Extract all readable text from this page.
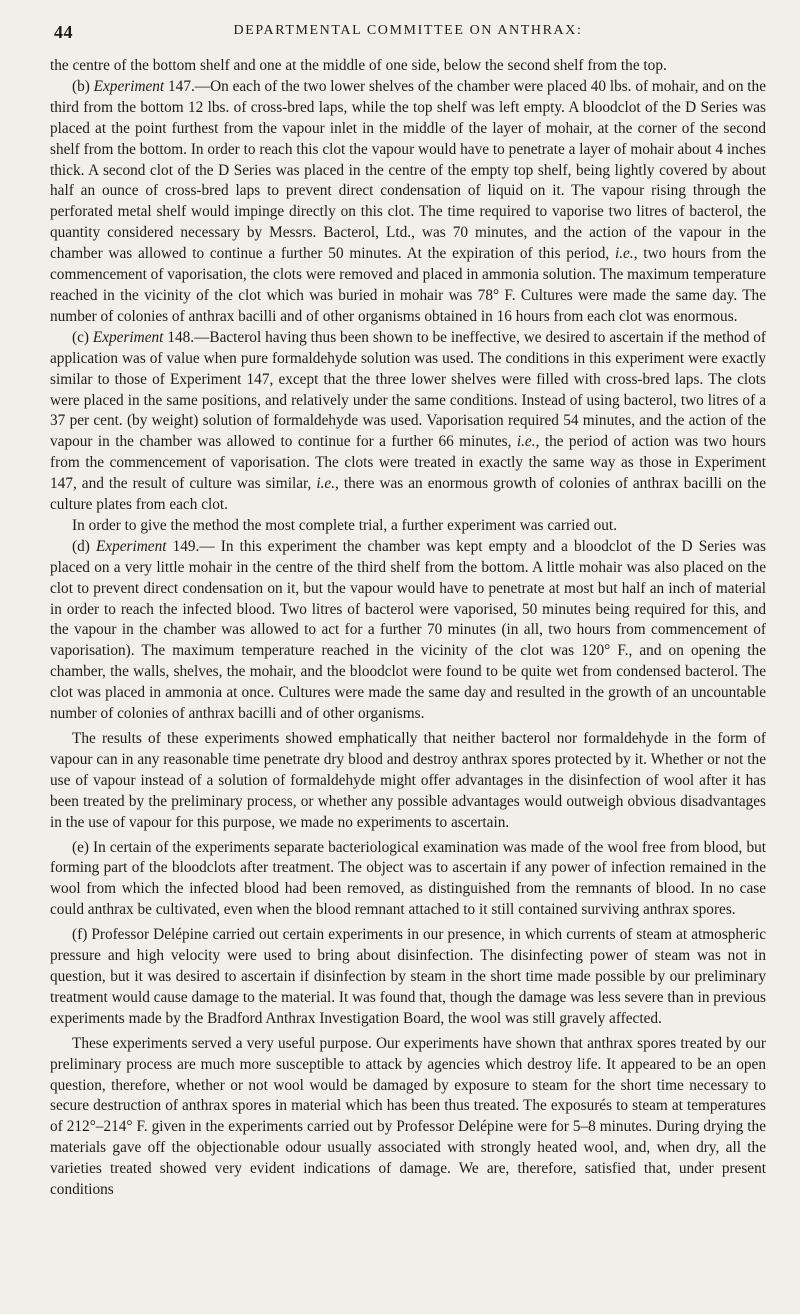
44	DEPARTMENTAL COMMITTEE ON ANTHRAX:

the centre of the bottom shelf and one at the middle of one side, below the second shelf from the top.

(b) Experiment 147.—On each of the two lower shelves of the chamber were placed 40 lbs. of mohair, and on the third from the bottom 12 lbs. of cross-bred laps, while the top shelf was left empty. A bloodclot of the D Series was placed at the point furthest from the vapour inlet in the middle of the layer of mohair, at the corner of the second shelf from the bottom. In order to reach this clot the vapour would have to penetrate a layer of mohair about 4 inches thick. A second clot of the D Series was placed in the centre of the empty top shelf, being lightly covered by about half an ounce of cross-bred laps to prevent direct condensation of liquid on it. The vapour rising through the perforated metal shelf would impinge directly on this clot. The time required to vaporise two litres of bacterol, the quantity considered necessary by Messrs. Bacterol, Ltd., was 70 minutes, and the action of the vapour in the chamber was allowed to continue a further 50 minutes. At the expiration of this period, i.e., two hours from the commencement of vaporisation, the clots were removed and placed in ammonia solution. The maximum temperature reached in the vicinity of the clot which was buried in mohair was 78° F. Cultures were made the same day. The number of colonies of anthrax bacilli and of other organisms obtained in 16 hours from each clot was enormous.

(c) Experiment 148.—Bacterol having thus been shown to be ineffective, we desired to ascertain if the method of application was of value when pure formaldehyde solution was used. The conditions in this experiment were exactly similar to those of Experiment 147, except that the three lower shelves were filled with cross-bred laps. The clots were placed in the same positions, and relatively under the same conditions. Instead of using bacterol, two litres of a 37 per cent. (by weight) solution of formaldehyde was used. Vaporisation required 54 minutes, and the action of the vapour in the chamber was allowed to continue for a further 66 minutes, i.e., the period of action was two hours from the commencement of vaporisation. The clots were treated in exactly the same way as those in Experiment 147, and the result of culture was similar, i.e., there was an enormous growth of colonies of anthrax bacilli on the culture plates from each clot.

In order to give the method the most complete trial, a further experiment was carried out.

(d) Experiment 149.— In this experiment the chamber was kept empty and a bloodclot of the D Series was placed on a very little mohair in the centre of the third shelf from the bottom. A little mohair was also placed on the clot to prevent direct condensation on it, but the vapour would have to penetrate at most but half an inch of material in order to reach the infected blood. Two litres of bacterol were vaporised, 50 minutes being required for this, and the vapour in the chamber was allowed to act for a further 70 minutes (in all, two hours from commencement of vaporisation). The maximum temperature reached in the vicinity of the clot was 120° F., and on opening the chamber, the walls, shelves, the mohair, and the bloodclot were found to be quite wet from condensed bacterol. The clot was placed in ammonia at once. Cultures were made the same day and resulted in the growth of an uncountable number of colonies of anthrax bacilli and of other organisms.

The results of these experiments showed emphatically that neither bacterol nor formaldehyde in the form of vapour can in any reasonable time penetrate dry blood and destroy anthrax spores protected by it. Whether or not the use of vapour instead of a solution of formaldehyde might offer advantages in the disinfection of wool after it has been treated by the preliminary process, or whether any possible advantages would outweigh obvious disadvantages in the use of vapour for this purpose, we made no experiments to ascertain.

(e) In certain of the experiments separate bacteriological examination was made of the wool free from blood, but forming part of the bloodclots after treatment. The object was to ascertain if any power of infection remained in the wool from which the infected blood had been removed, as distinguished from the remnants of blood. In no case could anthrax be cultivated, even when the blood remnant attached to it still contained surviving anthrax spores.

(f) Professor Delépine carried out certain experiments in our presence, in which currents of steam at atmospheric pressure and high velocity were used to bring about disinfection. The disinfecting power of steam was not in question, but it was desired to ascertain if disinfection by steam in the short time made possible by our preliminary treatment would cause damage to the material. It was found that, though the damage was less severe than in previous experiments made by the Bradford Anthrax Investigation Board, the wool was still gravely affected.

These experiments served a very useful purpose. Our experiments have shown that anthrax spores treated by our preliminary process are much more susceptible to attack by agencies which destroy life. It appeared to be an open question, therefore, whether or not wool would be damaged by exposure to steam for the short time necessary to secure destruction of anthrax spores in material which has been thus treated. The exposurés to steam at temperatures of 212°–214° F. given in the experiments carried out by Professor Delépine were for 5–8 minutes. During drying the materials gave off the objectionable odour usually associated with strongly heated wool, and, when dry, all the varieties treated showed very evident indications of damage. We are, therefore, satisfied that, under present conditions
